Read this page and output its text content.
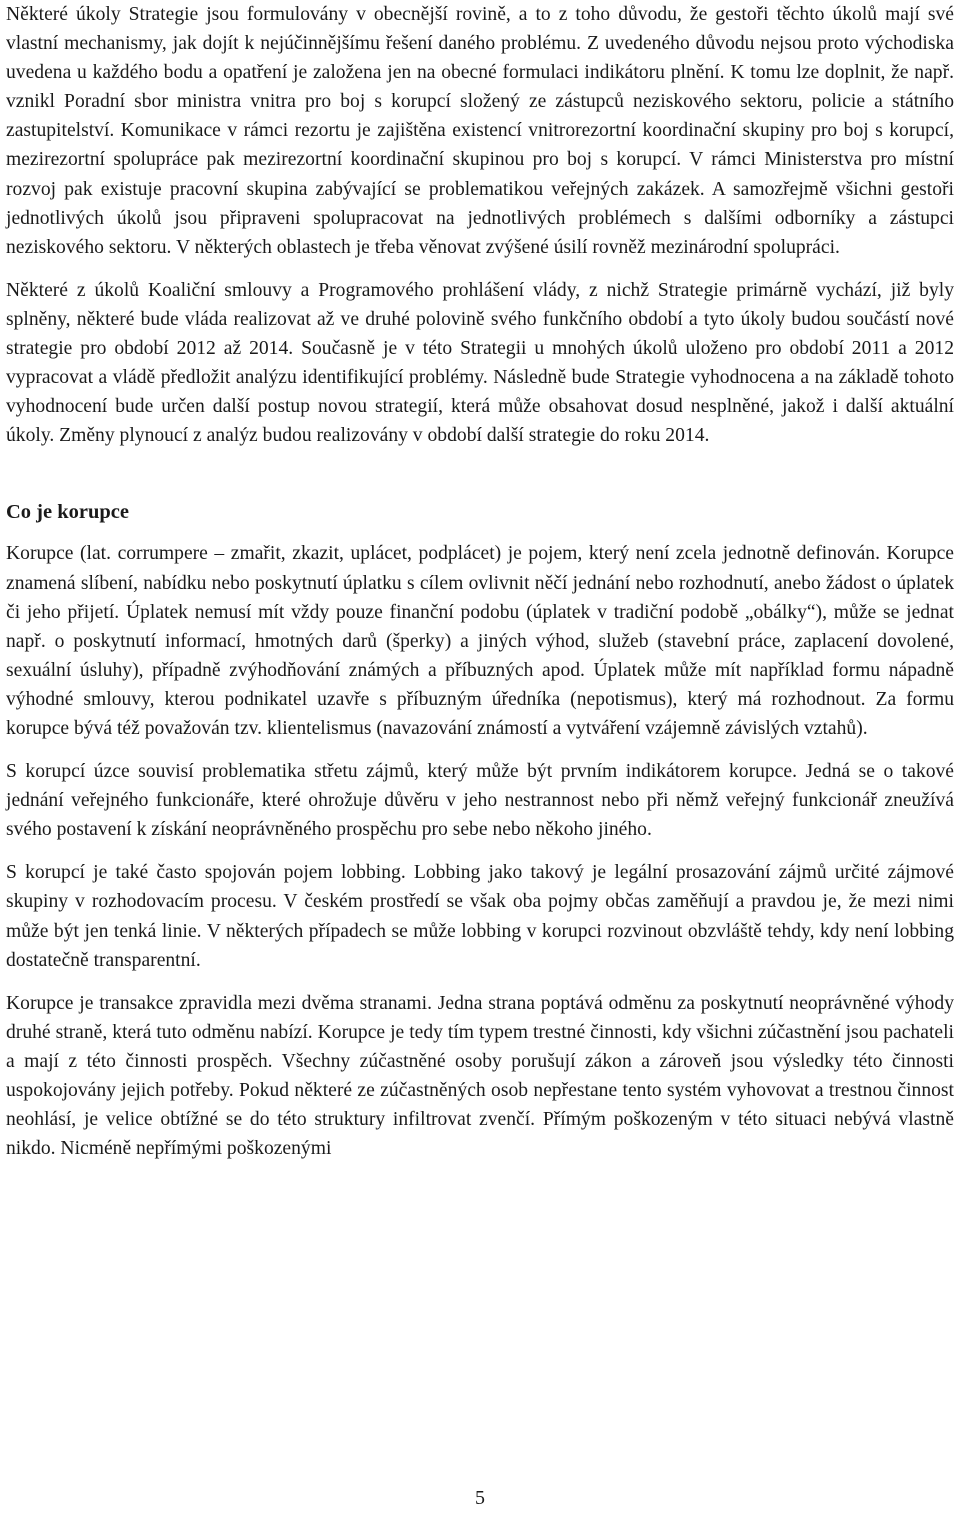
Některé úkoly Strategie jsou formulovány v obecnější rovině, a to z toho důvodu, že gestoři těchto úkolů mají své vlastní mechanismy, jak dojít k nejúčinnějšímu řešení daného problému. Z uvedeného důvodu nejsou proto východiska uvedena u každého bodu a opatření je založena jen na obecné formulaci indikátoru plnění. K tomu lze doplnit, že např. vznikl Poradní sbor ministra vnitra pro boj s korupcí složený ze zástupců neziskového sektoru, policie a státního zastupitelství. Komunikace v rámci rezortu je zajištěna existencí vnitrorezortní koordinační skupiny pro boj s korupcí, mezirezortní spolupráce pak mezirezortní koordinační skupinou pro boj s korupcí. V rámci Ministerstva pro místní rozvoj pak existuje pracovní skupina zabývající se problematikou veřejných zakázek. A samozřejmě všichni gestoři jednotlivých úkolů jsou připraveni spolupracovat na jednotlivých problémech s dalšími odborníky a zástupci neziskového sektoru. V některých oblastech je třeba věnovat zvýšené úsilí rovněž mezinárodní spolupráci.

Některé z úkolů Koaliční smlouvy a Programového prohlášení vlády, z nichž Strategie primárně vychází, již byly splněny, některé bude vláda realizovat až ve druhé polovině svého funkčního období a tyto úkoly budou součástí nové strategie pro období 2012 až 2014. Současně je v této Strategii u mnohých úkolů uloženo pro období 2011 a 2012 vypracovat a vládě předložit analýzu identifikující problémy. Následně bude Strategie vyhodnocena a na základě tohoto vyhodnocení bude určen další postup novou strategií, která může obsahovat dosud nesplněné, jakož i další aktuální úkoly. Změny plynoucí z analýz budou realizovány v období další strategie do roku 2014.

Co je korupce

Korupce (lat. corrumpere – zmařit, zkazit, uplácet, podplácet) je pojem, který není zcela jednotně definován. Korupce znamená slíbení, nabídku nebo poskytnutí úplatku s cílem ovlivnit něčí jednání nebo rozhodnutí, anebo žádost o úplatek či jeho přijetí. Úplatek nemusí mít vždy pouze finanční podobu (úplatek v tradiční podobě „obálky“), může se jednat např. o poskytnutí informací, hmotných darů (šperky) a jiných výhod, služeb (stavební práce, zaplacení dovolené, sexuální úsluhy), případně zvýhodňování známých a příbuzných apod. Úplatek může mít například formu nápadně výhodné smlouvy, kterou podnikatel uzavře s příbuzným úředníka (nepotismus), který má rozhodnout. Za formu korupce bývá též považován tzv. klientelismus (navazování známostí a vytváření vzájemně závislých vztahů).

S korupcí úzce souvisí problematika střetu zájmů, který může být prvním indikátorem korupce. Jedná se o takové jednání veřejného funkcionáře, které ohrožuje důvěru v jeho nestrannost nebo při němž veřejný funkcionář zneužívá svého postavení k získání neoprávněného prospěchu pro sebe nebo někoho jiného.

S korupcí je také často spojován pojem lobbing. Lobbing jako takový je legální prosazování zájmů určité zájmové skupiny v rozhodovacím procesu. V českém prostředí se však oba pojmy občas zaměňují a pravdou je, že mezi nimi může být jen tenká linie. V některých případech se může lobbing v korupci rozvinout obzvláště tehdy, kdy není lobbing dostatečně transparentní.

Korupce je transakce zpravidla mezi dvěma stranami. Jedna strana poptává odměnu za poskytnutí neoprávněné výhody druhé straně, která tuto odměnu nabízí. Korupce je tedy tím typem trestné činnosti, kdy všichni zúčastnění jsou pachateli a mají z této činnosti prospěch. Všechny zúčastněné osoby porušují zákon a zároveň jsou výsledky této činnosti uspokojovány jejich potřeby. Pokud některé ze zúčastněných osob nepřestane tento systém vyhovovat a trestnou činnost neohlásí, je velice obtížné se do této struktury infiltrovat zvenčí. Přímým poškozeným v této situaci nebývá vlastně nikdo. Nicméně nepřímými poškozenými

5
